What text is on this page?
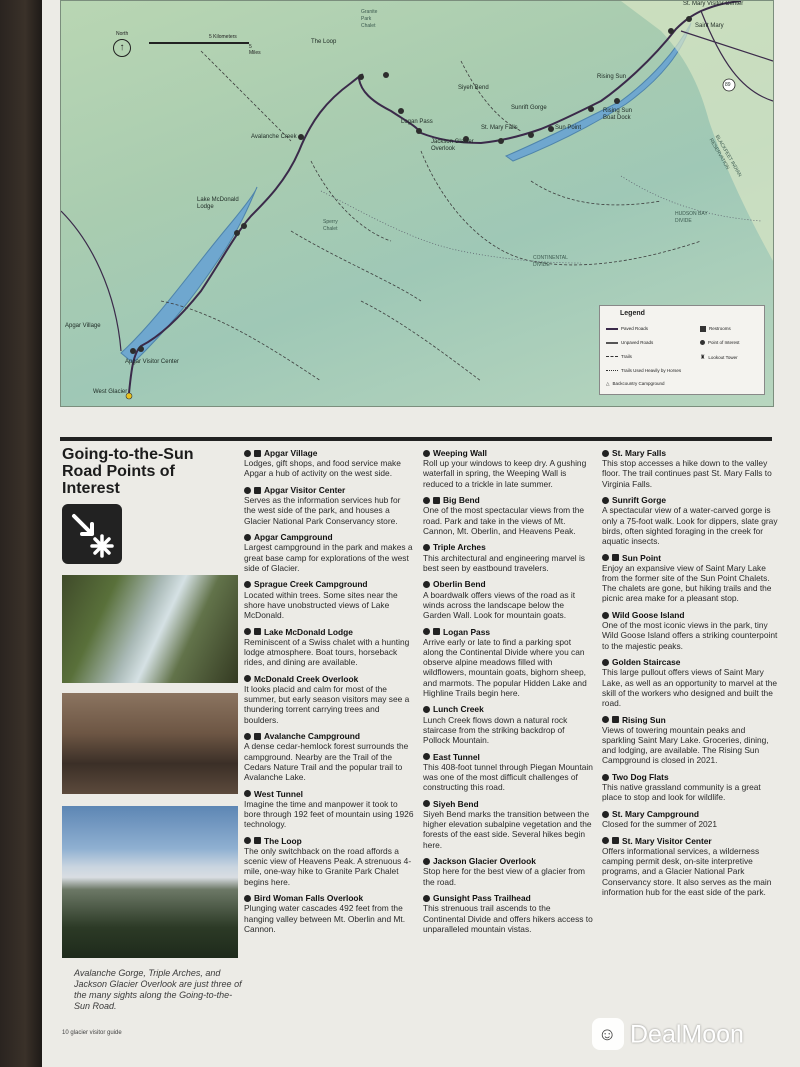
North
↑
5 Kilometers
5 Miles
Apgar Village
Apgar Visitor Center
West Glacier
Lake McDonald
Lodge
Sperry
Chalet
Avalanche Creek
The Loop
Granite
Park
Chalet
Siyeh Bend
Logan Pass
St. Mary Falls
Jackson Glacier
Overlook
Sunrift Gorge
Sun Point
Rising Sun
Rising Sun
Boat Dock
St. Mary Visitor Center
Saint Mary
89
CONTINENTAL
DIVIDE
HUDSON BAY
DIVIDE
BLACKFEET INDIAN
RESERVATION
Legend
Paved Roads
Unpaved Roads
Trails
Trails Used Heavily by Horses
△ Backcountry Campground
Restrooms
Point of Interest
♜ Lookout Tower
Going-to-the-Sun Road Points of Interest
Avalanche Gorge, Triple Arches, and Jackson Glacier Overlook are just three of the many sights along the Going-to-the-Sun Road.
10 glacier visitor guide
Apgar Village
Lodges, gift shops, and food service make Apgar a hub of activity on the west side.
Apgar Visitor Center
Serves as the information services hub for the west side of the park, and houses a Glacier National Park Conservancy store.
Apgar Campground
Largest campground in the park and makes a great base camp for explorations of the west side of Glacier.
Sprague Creek Campground
Located within trees. Some sites near the shore have unobstructed views of Lake McDonald.
Lake McDonald Lodge
Reminiscent of a Swiss chalet with a hunting lodge atmosphere. Boat tours, horseback rides, and dining are available.
McDonald Creek Overlook
It looks placid and calm for most of the summer, but early season visitors may see a thundering torrent carrying trees and boulders.
Avalanche Campground
A dense cedar-hemlock forest surrounds the campground. Nearby are the Trail of the Cedars Nature Trail and the popular trail to Avalanche Lake.
West Tunnel
Imagine the time and manpower it took to bore through 192 feet of mountain using 1926 technology.
The Loop
The only switchback on the road affords a scenic view of Heavens Peak. A strenuous 4-mile, one-way hike to Granite Park Chalet begins here.
Bird Woman Falls Overlook
Plunging water cascades 492 feet from the hanging valley between Mt. Oberlin and Mt. Cannon.
Weeping Wall
Roll up your windows to keep dry. A gushing waterfall in spring, the Weeping Wall is reduced to a trickle in late summer.
Big Bend
One of the most spectacular views from the road. Park and take in the views of Mt. Cannon, Mt. Oberlin, and Heavens Peak.
Triple Arches
This architectural and engineering marvel is best seen by eastbound travelers.
Oberlin Bend
A boardwalk offers views of the road as it winds across the landscape below the Garden Wall. Look for mountain goats.
Logan Pass
Arrive early or late to find a parking spot along the Continental Divide where you can observe alpine meadows filled with wildflowers, mountain goats, bighorn sheep, and marmots. The popular Hidden Lake and Highline Trails begin here.
Lunch Creek
Lunch Creek flows down a natural rock staircase from the striking backdrop of Pollock Mountain.
East Tunnel
This 408-foot tunnel through Piegan Mountain was one of the most difficult challenges of constructing this road.
Siyeh Bend
Siyeh Bend marks the transition between the higher elevation subalpine vegetation and the forests of the east side. Several hikes begin here.
Jackson Glacier Overlook
Stop here for the best view of a glacier from the road.
Gunsight Pass Trailhead
This strenuous trail ascends to the Continental Divide and offers hikers access to unparalleled mountain vistas.
St. Mary Falls
This stop accesses a hike down to the valley floor. The trail continues past St. Mary Falls to Virginia Falls.
Sunrift Gorge
A spectacular view of a water-carved gorge is only a 75-foot walk. Look for dippers, slate gray birds, often sighted foraging in the creek for aquatic insects.
Sun Point
Enjoy an expansive view of Saint Mary Lake from the former site of the Sun Point Chalets. The chalets are gone, but hiking trails and the picnic area make for a pleasant stop.
Wild Goose Island
One of the most iconic views in the park, tiny Wild Goose Island offers a striking counterpoint to the majestic peaks.
Golden Staircase
This large pullout offers views of Saint Mary Lake, as well as an opportunity to marvel at the skill of the workers who designed and built the road.
Rising Sun
Views of towering mountain peaks and sparkling Saint Mary Lake. Groceries, dining, and lodging, are available. The Rising Sun Campground is closed in 2021.
Two Dog Flats
This native grassland community is a great place to stop and look for wildlife.
St. Mary Campground
Closed for the summer of 2021
St. Mary Visitor Center
Offers informational services, a wilderness camping permit desk, on-site interpretive programs, and a Glacier National Park Conservancy store. It also serves as the main information hub for the east side of the park.
☺ DealMoon
